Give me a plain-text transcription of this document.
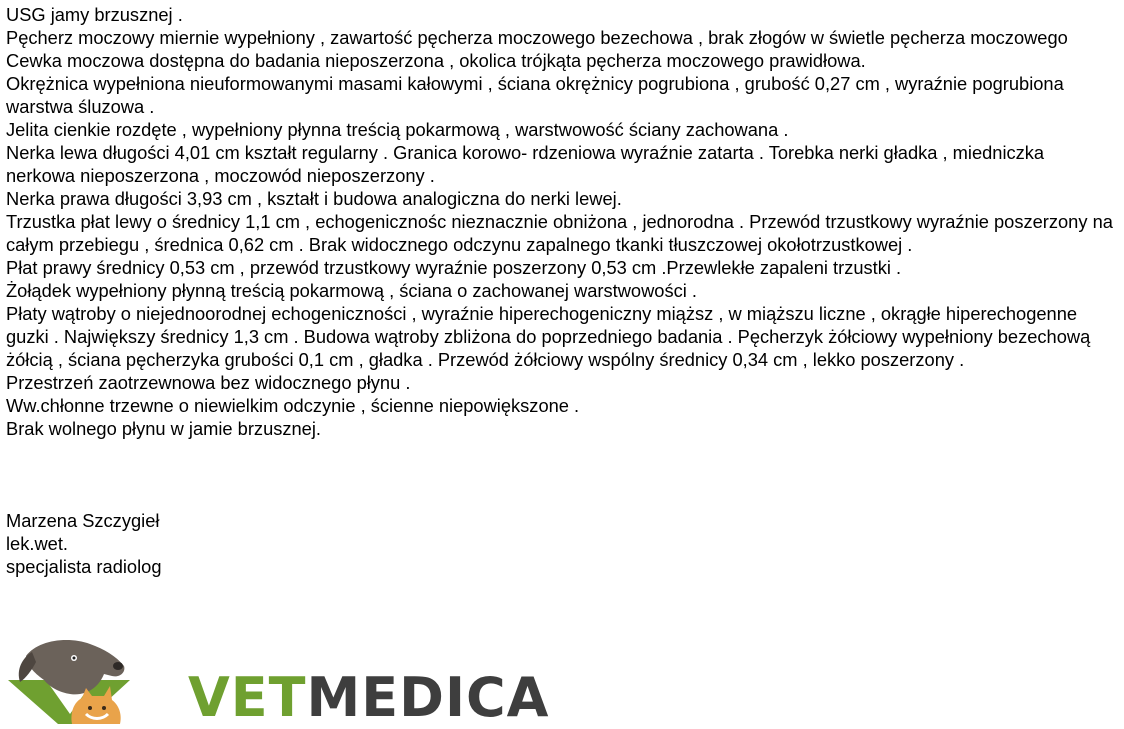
USG jamy brzusznej .

Pęcherz moczowy miernie wypełniony , zawartość pęcherza moczowego bezechowa , brak złogów w świetle pęcherza moczowego Cewka moczowa dostępna do badania nieposzerzona , okolica trójkąta pęcherza moczowego prawidłowa.

Okrężnica wypełniona nieuformowanymi masami kałowymi , ściana okrężnicy pogrubiona , grubość 0,27 cm , wyraźnie pogrubiona warstwa śluzowa .

Jelita cienkie rozdęte , wypełniony płynna treścią pokarmową , warstwowość ściany zachowana .

Nerka lewa długości 4,01 cm kształt regularny . Granica korowo- rdzeniowa wyraźnie zatarta . Torebka nerki gładka , miedniczka nerkowa nieposzerzona , moczowód nieposzerzony .

Nerka prawa długości 3,93 cm , kształt i budowa analogiczna do nerki lewej.

Trzustka płat lewy o średnicy 1,1 cm , echogenicznośc nieznacznie obniżona , jednorodna . Przewód trzustkowy wyraźnie poszerzony na całym przebiegu , średnica 0,62 cm . Brak widocznego odczynu zapalnego tkanki tłuszczowej okołotrzustkowej .

Płat prawy średnicy 0,53 cm , przewód trzustkowy wyraźnie poszerzony 0,53 cm .Przewlekłe zapaleni trzustki .

Żołądek wypełniony płynną treścią pokarmową , ściana o zachowanej warstwowości .

Płaty wątroby o niejednoorodnej echogeniczności , wyraźnie hiperechogeniczny miąższ , w miąższu liczne , okrągłe hiperechogenne guzki . Największy średnicy 1,3 cm . Budowa wątroby zbliżona do poprzedniego badania . Pęcherzyk żółciowy wypełniony bezechową żółcią , ściana pęcherzyka grubości 0,1 cm , gładka . Przewód żółciowy wspólny średnicy 0,34 cm , lekko poszerzony .

Przestrzeń zaotrzewnowa bez widocznego płynu .

Ww.chłonne trzewne o niewielkim odczynie , ścienne niepowiększone .

Brak wolnego płynu w jamie brzusznej.

Marzena Szczygieł

lek.wet.

specjalista radiolog

VETMEDICA
